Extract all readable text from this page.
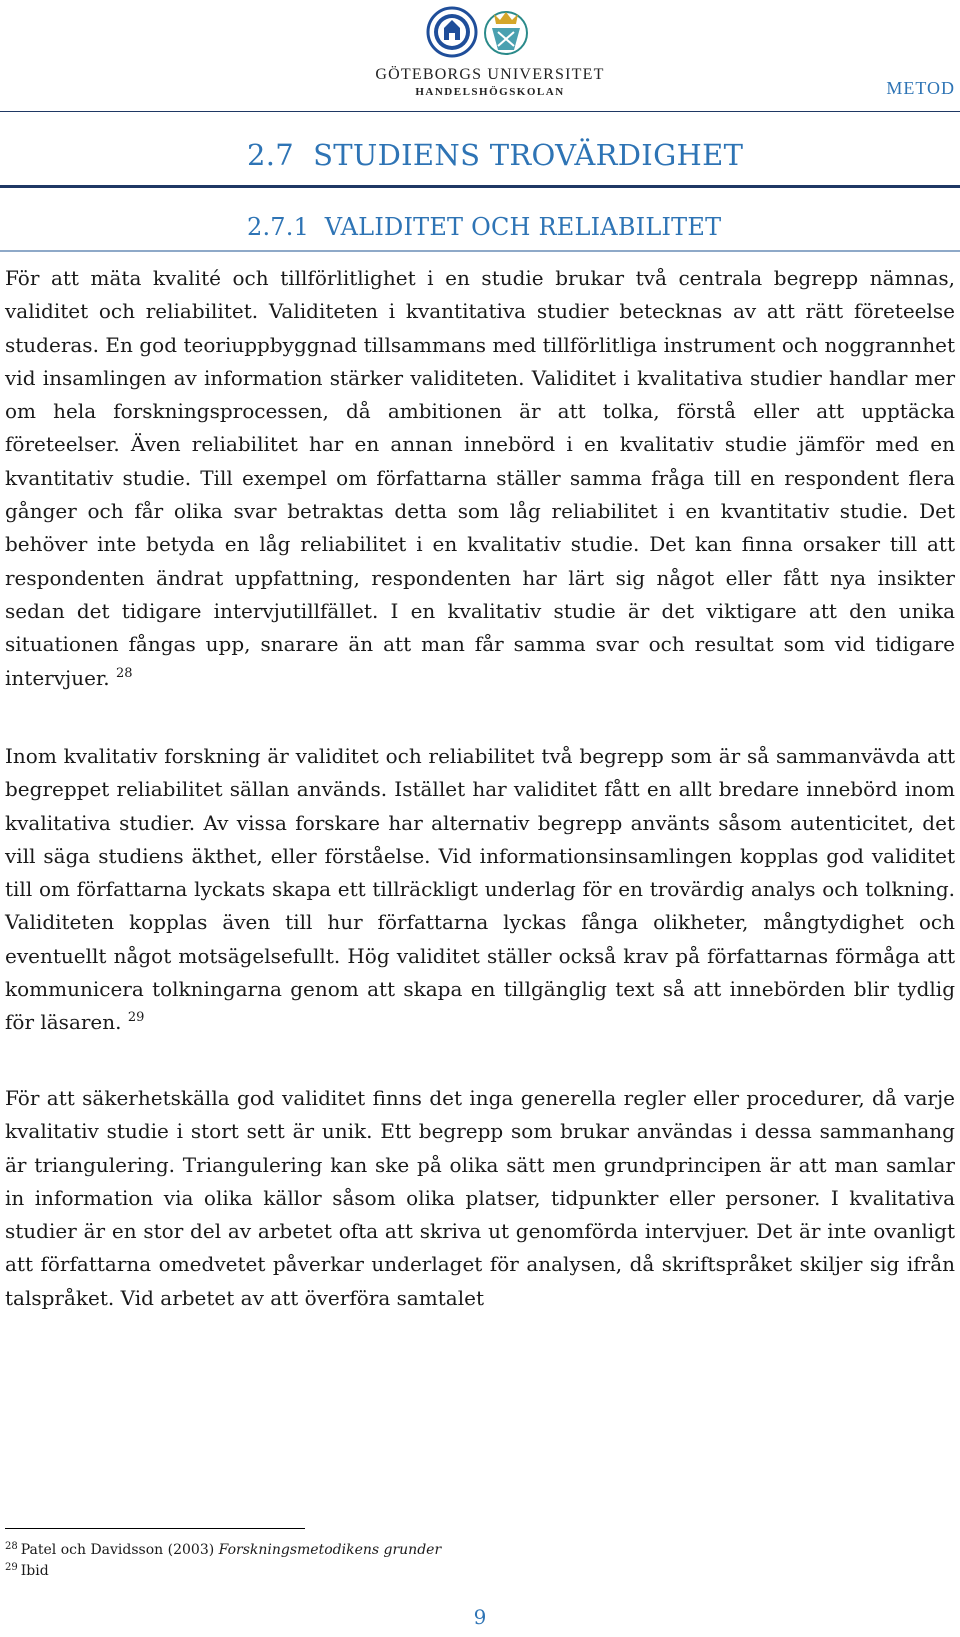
GÖTEBORGS UNIVERSITET
HANDELSHÖGSKOLAN	METOD
2.7 STUDIENS TROVÄRDIGHET
2.7.1 VALIDITET OCH RELIABILITET
För att mäta kvalité och tillförlitlighet i en studie brukar två centrala begrepp nämnas, validitet och reliabilitet. Validiteten i kvantitativa studier betecknas av att rätt företeelse studeras. En god teoriuppbyggnad tillsammans med tillförlitliga instrument och noggrannhet vid insamlingen av information stärker validiteten. Validitet i kvalitativa studier handlar mer om hela forskningsprocessen, då ambitionen är att tolka, förstå eller att upptäcka företeelser. Även reliabilitet har en annan innebörd i en kvalitativ studie jämför med en kvantitativ studie. Till exempel om författarna ställer samma fråga till en respondent flera gånger och får olika svar betraktas detta som låg reliabilitet i en kvantitativ studie. Det behöver inte betyda en låg reliabilitet i en kvalitativ studie. Det kan finna orsaker till att respondenten ändrat uppfattning, respondenten har lärt sig något eller fått nya insikter sedan det tidigare intervjutillfället. I en kvalitativ studie är det viktigare att den unika situationen fångas upp, snarare än att man får samma svar och resultat som vid tidigare intervjuer. $^{28}$
Inom kvalitativ forskning är validitet och reliabilitet två begrepp som är så sammanvävda att begreppet reliabilitet sällan används. Istället har validitet fått en allt bredare innebörd inom kvalitativa studier. Av vissa forskare har alternativ begrepp använts såsom autenticitet, det vill säga studiens äkthet, eller förståelse. Vid informationsinsamlingen kopplas god validitet till om författarna lyckats skapa ett tillräckligt underlag för en trovärdig analys och tolkning. Validiteten kopplas även till hur författarna lyckas fånga olikheter, mångtydighet och eventuellt något motsägelsefullt. Hög validitet ställer också krav på författarnas förmåga att kommunicera tolkningarna genom att skapa en tillgänglig text så att innebörden blir tydlig för läsaren. $^{29}$
För att säkerhetskälla god validitet finns det inga generella regler eller procedurer, då varje kvalitativ studie i stort sett är unik. Ett begrepp som brukar användas i dessa sammanhang är triangulering. Triangulering kan ske på olika sätt men grundprincipen är att man samlar in information via olika källor såsom olika platser, tidpunkter eller personer. I kvalitativa studier är en stor del av arbetet ofta att skriva ut genomförda intervjuer. Det är inte ovanligt att författarna omedvetet påverkar underlaget för analysen, då skriftspråket skiljer sig ifrån talspråket. Vid arbetet av att överföra samtalet
$^{28}$ Patel och Davidsson (2003) Forskningsmetodikens grunder
$^{29}$ Ibid
9
